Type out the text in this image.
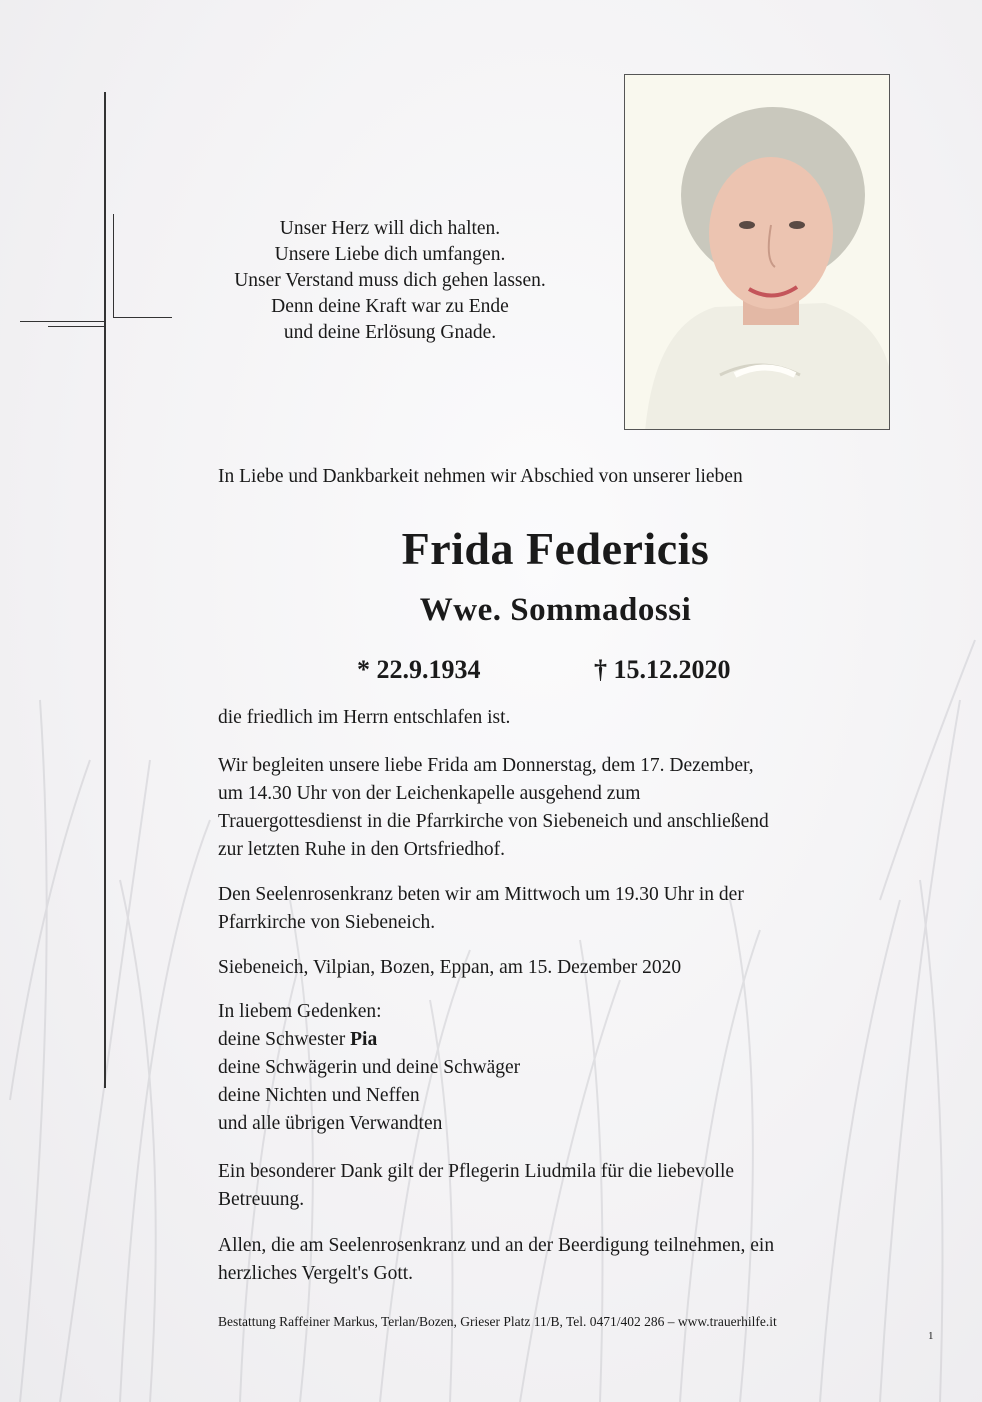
Unser Herz will dich halten.
Unsere Liebe dich umfangen.
Unser Verstand muss dich gehen lassen.
Denn deine Kraft war zu Ende
und deine Erlösung Gnade.
In Liebe und Dankbarkeit nehmen wir Abschied von unserer lieben
Frida Federicis
Wwe. Sommadossi
* 22.9.1934	† 15.12.2020
die friedlich im Herrn entschlafen ist.
Wir begleiten unsere liebe Frida am Donnerstag, dem 17. Dezember,
um 14.30 Uhr von der Leichenkapelle ausgehend zum
Trauergottesdienst in die Pfarrkirche von Siebeneich und anschließend
zur letzten Ruhe in den Ortsfriedhof.
Den Seelenrosenkranz beten wir am Mittwoch um 19.30 Uhr in der
Pfarrkirche von Siebeneich.
Siebeneich, Vilpian, Bozen, Eppan, am 15. Dezember 2020
In liebem Gedenken:
deine Schwester Pia
deine Schwägerin und deine Schwäger
deine Nichten und Neffen
und alle übrigen Verwandten
Ein besonderer Dank gilt der Pflegerin Liudmila für die liebevolle
Betreuung.
Allen, die am Seelenrosenkranz und an der Beerdigung teilnehmen, ein
herzliches Vergelt's Gott.
Bestattung Raffeiner Markus, Terlan/Bozen, Grieser Platz 11/B, Tel. 0471/402 286 – www.trauerhilfe.it
1
